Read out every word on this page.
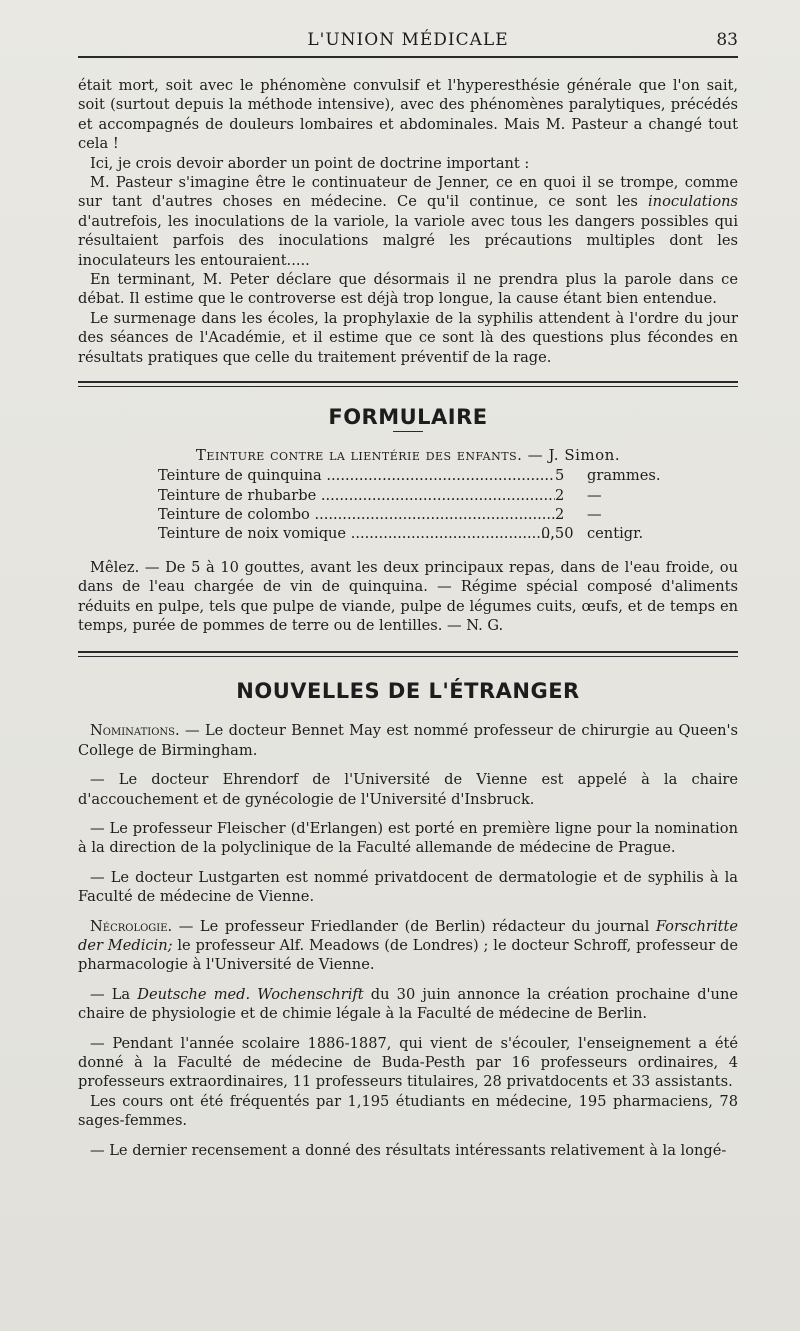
L'UNION MÉDICALE	83

était mort, soit avec le phénomène convulsif et l'hyperesthésie générale que l'on sait, soit (surtout depuis la méthode intensive), avec des phénomènes paralytiques, précédés et accompagnés de douleurs lombaires et abdominales. Mais M. Pasteur a changé tout cela !

Ici, je crois devoir aborder un point de doctrine important :

M. Pasteur s'imagine être le continuateur de Jenner, ce en quoi il se trompe, comme sur tant d'autres choses en médecine. Ce qu'il continue, ce sont les inoculations d'autrefois, les inoculations de la variole, la variole avec tous les dangers possibles qui résultaient parfois des inoculations malgré les précautions multiples dont les inoculateurs les entouraient.....

En terminant, M. Peter déclare que désormais il ne prendra plus la parole dans ce débat. Il estime que le controverse est déjà trop longue, la cause étant bien entendue.

Le surmenage dans les écoles, la prophylaxie de la syphilis attendent à l'ordre du jour des séances de l'Académie, et il estime que ce sont là des questions plus fécondes en résultats pratiques que celle du traitement préventif de la rage.

FORMULAIRE
Teinture contre la lientérie des enfants. — J. Simon.
Teinture de quinquina .....	5	grammes.
Teinture de rhubarbe .....	2	—
Teinture de colombo .....	2	—
Teinture de noix vomique .....	0,50 centigr.

Mêlez. — De 5 à 10 gouttes, avant les deux principaux repas, dans de l'eau froide, ou dans de l'eau chargée de vin de quinquina. — Régime spécial composé d'aliments réduits en pulpe, tels que pulpe de viande, pulpe de légumes cuits, œufs, et de temps en temps, purée de pommes de terre ou de lentilles. — N. G.

NOUVELLES DE L'ÉTRANGER

Nominations. — Le docteur Bennet May est nommé professeur de chirurgie au Queen's College de Birmingham.

— Le docteur Ehrendorf de l'Université de Vienne est appelé à la chaire d'accouchement et de gynécologie de l'Université d'Insbruck.

— Le professeur Fleischer (d'Erlangen) est porté en première ligne pour la nomination à la direction de la polyclinique de la Faculté allemande de médecine de Prague.

— Le docteur Lustgarten est nommé privatdocent de dermatologie et de syphilis à la Faculté de médecine de Vienne.

Nécrologie. — Le professeur Friedlander (de Berlin) rédacteur du journal Forschritte der Medicin; le professeur Alf. Meadows (de Londres) ; le docteur Schroff, professeur de pharmacologie à l'Université de Vienne.

— La Deutsche med. Wochenschrift du 30 juin annonce la création prochaine d'une chaire de physiologie et de chimie légale à la Faculté de médecine de Berlin.

— Pendant l'année scolaire 1886-1887, qui vient de s'écouler, l'enseignement a été donné à la Faculté de médecine de Buda-Pesth par 16 professeurs ordinaires, 4 professeurs extraordinaires, 11 professeurs titulaires, 28 privatdocents et 33 assistants.

Les cours ont été fréquentés par 1,195 étudiants en médecine, 195 pharmaciens, 78 sages-femmes.

— Le dernier recensement a donné des résultats intéressants relativement à la longé-
